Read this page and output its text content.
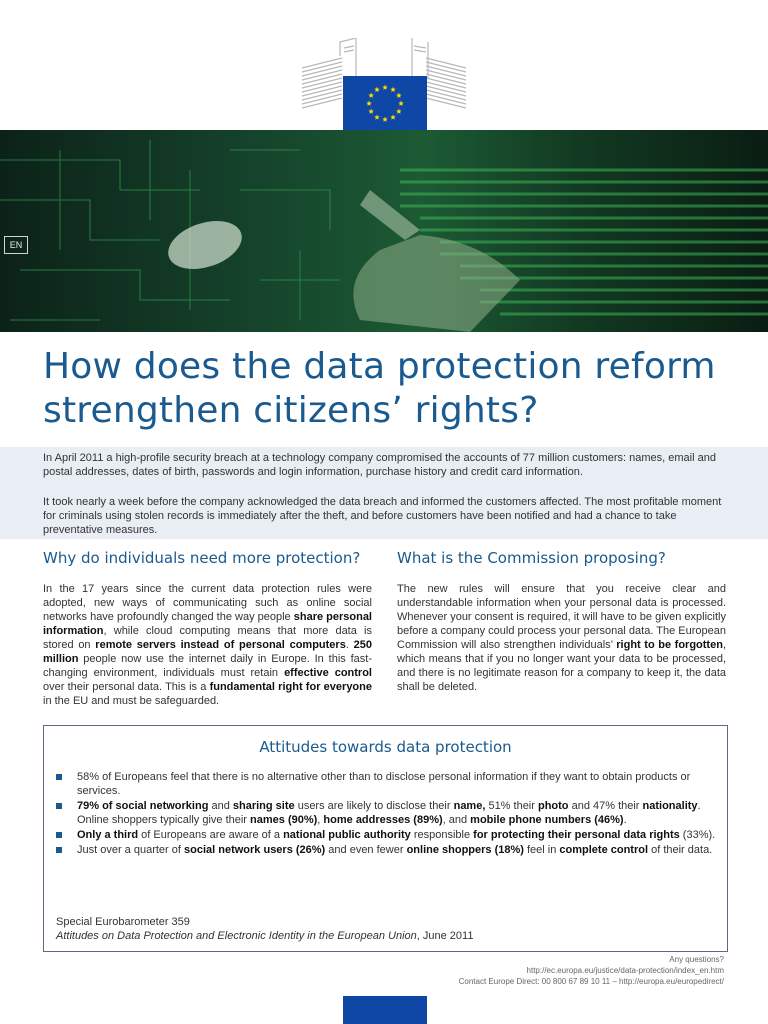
EN
How does the data protection reform strengthen citizens’ rights?

In April 2011 a high-profile security breach at a technology company compromised the accounts of 77 million customers: names, email and postal addresses, dates of birth, passwords and login information, purchase history and credit card information.

It took nearly a week before the company acknowledged the data breach and informed the customers affected. The most profitable moment for criminals using stolen records is immediately after the theft, and before customers have been notified and had a chance to take preventative measures.

Why do individuals need more protection?

In the 17 years since the current data protection rules were adopted, new ways of communicating such as online social networks have profoundly changed the way people share personal information, while cloud computing means that more data is stored on remote servers instead of personal computers. 250 million people now use the internet daily in Europe. In this fast-changing environment, individuals must retain effective control over their personal data. This is a fundamental right for everyone in the EU and must be safeguarded.

What is the Commission proposing?

The new rules will ensure that you receive clear and understandable information when your personal data is processed. Whenever your consent is required, it will have to be given explicitly before a company could process your personal data. The European Commission will also strengthen individuals’ right to be forgotten, which means that if you no longer want your data to be processed, and there is no legitimate reason for a company to keep it, the data shall be deleted.

Attitudes towards data protection
58% of Europeans feel that there is no alternative other than to disclose personal information if they want to obtain products or services.
79% of social networking and sharing site users are likely to disclose their name, 51% their photo and 47% their nationality. Online shoppers typically give their names (90%), home addresses (89%), and mobile phone numbers (46%).
Only a third of Europeans are aware of a national public authority responsible for protecting their personal data rights (33%).
Just over a quarter of social network users (26%) and even fewer online shoppers (18%) feel in complete control of their data.
Special Eurobarometer 359
Attitudes on Data Protection and Electronic Identity in the European Union, June 2011
Any questions?
http://ec.europa.eu/justice/data-protection/index_en.htm
Contact Europe Direct: 00 800 67 89 10 11 – http://europa.eu/europedirect/
